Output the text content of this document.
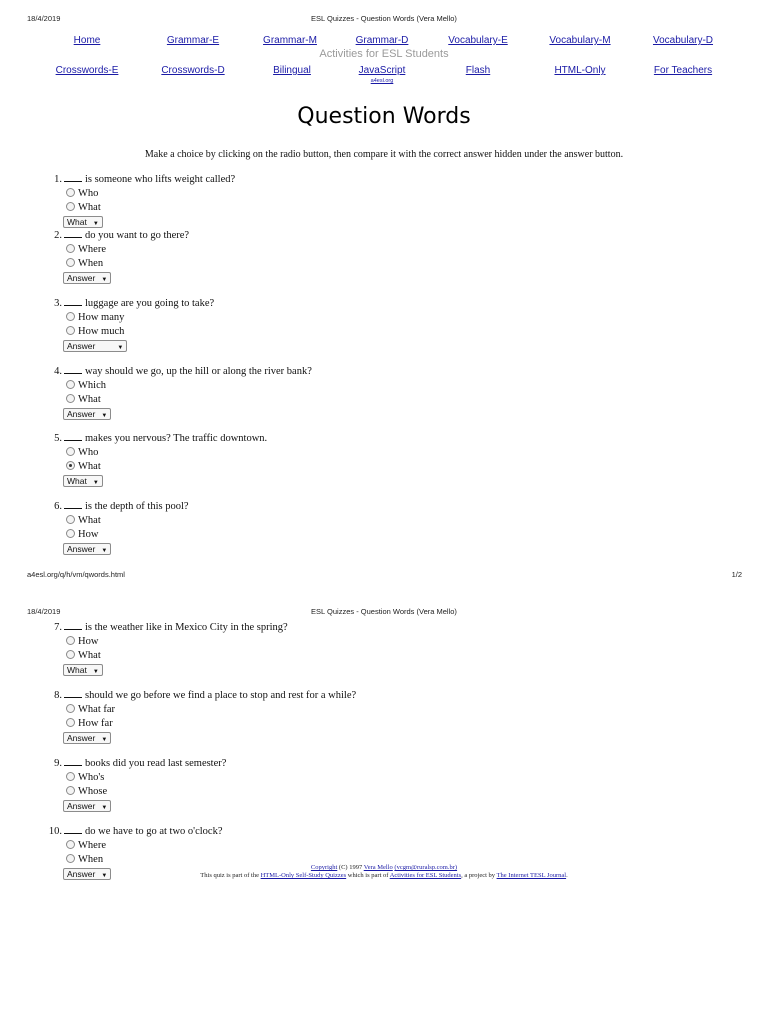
18/4/2019	ESL Quizzes - Question Words (Vera Mello)
Home	Grammar-E	Grammar-M	Grammar-D	Vocabulary-E	Vocabulary-M	Vocabulary-D
Activities for ESL Students
Crosswords-E	Crosswords-D	Bilingual	JavaScript
a4esl.org
Flash	HTML-Only	For Teachers
Question Words

Make a choice by clicking on the radio button, then compare it with the correct answer hidden under the answer button.

1. is someone who lifts weight called?
Who
What
What ▼
2. do you want to go there?
Where
When
Answer ▼
3. luggage are you going to take?
How many
How much
Answer	▼
4. way should we go, up the hill or along the river bank?
Which
What
Answer ▼
5. makes you nervous? The traffic downtown.
Who
What
What ▼
6. is the depth of this pool?
What
How
Answer ▼
a4esl.org/q/h/vm/qwords.html	1/2
18/4/2019	ESL Quizzes - Question Words (Vera Mello)
7. is the weather like in Mexico City in the spring?
How
What
What ▼
8. should we go before we find a place to stop and rest for a while?
What far
How far
Answer ▼
9. books did you read last semester?
Who's
Whose
Answer ▼
10. do we have to go at two o'clock?
Where
When
Answer ▼
Copyright (C) 1997 Vera Mello (vcgm@ruralsp.com.br)
This quiz is part of the HTML-Only Self-Study Quizzes which is part of Activities for ESL Students, a project by The Internet TESL Journal.
